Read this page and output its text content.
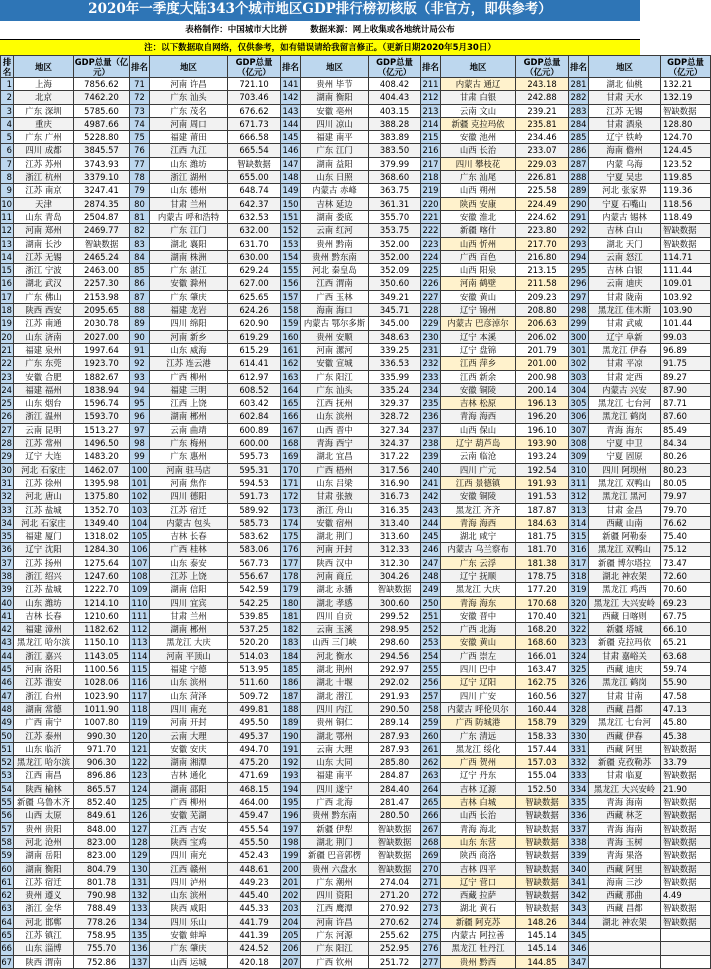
2020年一季度大陆343个城市地区GDP排行榜初核版（非官方，即供参考）
表格制作：中国城市大比拼	数据来源：网上收集或各地统计局公布
注：以下数据取自网络，仅供参考，如有错误请给我留言修正。（更新日期2020年5月30日）
排名	地区	GDP总量（亿元）	排名	地区	GDP总量（亿元）	排名	地区	GDP总量（亿元）	排名	地区	GDP总量（亿元）	排名	地区	GDP总量（亿元）
1	上海	7856.62	71	河南 许昌	721.10	141	贵州 毕节	408.42	211	内蒙古 通辽	243.18	281	湖北 仙桃	132.21
2	北京	7462.20	72	广东 汕头	703.46	142	湖南 衡阳	404.43	212	甘肃 白银	242.88	282	甘肃 天水	132.19
3	广东 深圳	5785.60	73	广东 茂名	676.62	143	安徽 亳州	403.15	213	云南 文山	239.21	283	江苏 无锡	智缺数据
4	重庆	4987.66	74	河南 周口	671.73	144	四川 凉山	388.28	214	新疆 克拉玛依	235.81	284	甘肃 酒泉	128.80
5	广东 广州	5228.80	75	福建 莆田	666.58	145	福建 南平	383.89	215	安徽 池州	234.46	285	辽宁 铁岭	124.70
6	四川 成都	3845.57	76	江西 九江	665.54	146	广东 江门	383.50	216	山西 长治	233.07	286	海南 儋州	124.45
7	江苏 苏州	3743.93	77	山东 潍坊	智缺数据	147	湖南 益阳	379.99	217	四川 攀枝花	229.03	287	内蒙 乌海	123.52
8	浙江 杭州	3379.10	78	浙江 湖州	655.00	148	山东 日照	368.60	218	广东 汕尾	226.81	288	宁夏 吴忠	119.85
9	江苏 南京	3247.41	79	山东 德州	648.74	149	内蒙古 赤峰	363.75	219	山西 朔州	225.58	289	河北 张家界	119.36
10	天津	2874.35	80	甘肃 兰州	642.37	150	吉林 延边	361.31	220	陕西 安康	224.49	290	宁夏 石嘴山	118.56
11	山东 青岛	2504.87	81	内蒙古 呼和浩特	632.53	151	湖南 娄底	355.70	221	安徽 淮北	224.62	291	内蒙古 锡林	118.49
12	河南 郑州	2469.77	82	广东 江门	632.00	152	云南 红河	353.75	222	新疆 喀什	223.80	292	吉林 白山	智缺数据
13	湖南 长沙	智缺数据	83	湖北 襄阳	631.70	153	贵州 黔南	352.00	223	山西 忻州	217.70	293	湖北 天门	智缺数据
14	江苏 无锡	2465.24	84	湖南 株洲	630.00	154	贵州 黔东南	352.00	224	广西 百色	216.80	294	云南 怒江	114.71
15	浙江 宁波	2463.00	85	广东 湛江	629.24	155	河北 秦皇岛	352.09	225	山西 阳泉	213.15	295	吉林 白银	111.44
16	湖北 武汉	2257.30	86	安徽 滁州	627.00	156	江西 渭南	350.60	226	河南 鹤壁	211.58	296	云南 迪庆	109.01
17	广东 佛山	2153.98	87	广东 肇庆	625.65	157	广西 玉林	349.21	227	安徽 黄山	209.23	297	甘肃 陇南	103.92
18	陕西 西安	2095.65	88	福建 龙岩	624.26	158	海南 海口	345.71	228	辽宁 锦州	208.80	298	黑龙江 佳木斯	103.90
19	江苏 南通	2030.78	89	四川 绵阳	620.90	159	内蒙古 鄂尔多斯	345.00	229	内蒙古 巴彦淖尔	206.63	299	甘肃 武威	101.44
20	山东 济南	2027.00	90	河南 新乡	619.29	160	贵州 安顺	348.63	230	辽宁 本溪	206.02	300	辽宁 阜新	99.03
21	福建 泉州	1997.64	91	山东 威海	615.29	161	河南 漯河	339.25	231	辽宁 盘锦	201.79	301	黑龙江 伊春	96.89
22	广东 东莞	1923.70	92	江苏 连云港	614.41	162	安徽 宣城	336.53	232	江西 萍乡	201.00	302	甘肃 平凉	91.75
23	安徽 合肥	1882.67	93	广西 柳州	612.97	163	广东 阳江	335.99	233	江西 新余	200.98	303	甘肃 定西	89.27
24	福建 福州	1838.94	94	福建 三明	608.52	164	广东 汕头	335.24	234	安徽 铜陵	200.14	304	内蒙古 兴安	87.90
25	山东 烟台	1596.74	95	江西 上饶	603.42	165	江西 抚州	329.37	235	吉林 松原	196.13	305	黑龙江 七台河	87.71
26	浙江 温州	1593.70	96	湖南 郴州	602.84	166	山东 滨州	328.72	236	青海 海西	196.20	306	黑龙江 鹤岗	87.60
27	云南 昆明	1513.27	97	云南 曲靖	600.89	167	山西 晋中	327.34	237	山西 保山	196.10	307	青海 海东	85.49
28	江苏 常州	1496.50	98	广东 梅州	600.00	168	青海 西宁	324.37	238	辽宁 葫芦岛	193.90	308	宁夏 中卫	84.34
29	辽宁 大连	1483.20	99	广东 惠州	595.73	169	湖北 宜昌	317.22	239	云南 临沧	193.24	309	宁夏 固原	80.26
30	河北 石家庄	1462.07	100	河南 驻马店	595.31	170	广西 梧州	317.56	240	四川 广元	192.54	310	四川 阿坝州	80.23
31	江苏 徐州	1395.98	101	河南 焦作	594.53	171	山东 吕梁	316.90	241	江西 景德镇	191.93	311	黑龙江 双鸭山	80.05
32	河北 唐山	1375.80	102	四川 德阳	591.73	172	甘肃 张掖	316.73	242	安徽 铜陵	191.53	312	黑龙江 黑河	79.97
33	江苏 盐城	1352.70	103	江苏 宿迁	589.92	173	浙江 舟山	316.35	243	黑龙江 齐齐	187.87	313	甘肃 金昌	79.70
34	河北 石家庄	1349.40	104	内蒙古 包头	585.73	174	安徽 宿州	313.40	244	青海 海西	184.63	314	西藏 山南	76.62
35	福建 厦门	1318.02	105	吉林 长春	583.62	175	湖北 荆门	313.60	245	湖北 咸宁	181.75	315	新疆 阿勒泰	75.40
36	辽宁 沈阳	1284.30	106	广西 桂林	583.06	176	河南 开封	312.33	246	内蒙古 乌兰察布	181.70	316	黑龙江 双鸭山	75.12
37	江苏 扬州	1275.64	107	山东 泰安	567.73	177	陕西 汉中	312.30	247	广东 云浮	181.38	317	新疆 博尔塔拉	73.47
38	浙江 绍兴	1247.60	108	江苏 上饶	556.67	178	河南 商丘	304.26	248	辽宁 抚顺	178.75	318	湖北 神农架	72.60
39	江苏 盐城	1222.70	109	湖南 信阳	542.59	179	湖北 永播	智缺数据	249	黑龙江 大庆	177.20	319	黑龙江 鸡西	70.60
40	山东 潍坊	1214.10	110	四川 宜宾	542.25	180	湖北 孝感	300.60	250	青海 海东	170.68	320	黑龙江 大兴安岭	69.23
41	吉林 长春	1210.60	111	甘肃 兰州	539.85	181	四川 自贡	299.52	251	安徽 晋中	170.40	321	西藏 日喀则	67.75
42	福建 漳州	1182.62	112	湖南 郴州	537.25	182	云南 玉溪	298.95	252	广西 北海	168.20	322	新疆 塔城	66.10
43	黑龙江 哈尔滨	1150.10	113	黑龙江 大庆	520.20	183	山西 三门峡	298.60	253	安徽 黄山	168.60	323	新疆 克拉玛依	65.21
44	浙江 嘉兴	1143.05	114	河南 平顶山	514.03	184	河北 衡水	294.56	254	广西 崇左	166.01	324	甘肃 嘉峪关	63.68
45	河南 洛阳	1100.56	115	福建 宁德	513.95	185	湖北 荆州	292.97	255	四川 巴中	163.47	325	西藏 迪庆	59.74
46	江苏 淮安	1028.06	116	山东 滨州	511.60	186	湖北 十堰	292.02	256	辽宁 辽阳	162.75	326	黑龙江 鹤岗	55.90
47	浙江 台州	1023.90	117	山东 菏泽	509.72	187	湖北 潜江	291.93	257	四川 广安	160.56	327	甘肃 甘南	47.58
48	湖南 常德	1011.90	118	四川 南充	499.81	188	四川 内江	290.50	258	内蒙古 呼伦贝尔	160.44	328	西藏 昌都	47.13
49	广西 南宁	1007.80	119	河南 开封	495.50	189	贵州 铜仁	289.14	259	广西 防城港	158.79	329	黑龙江 七台河	45.80
50	江苏 泰州	990.30	120	云南 大理	495.37	190	湖北 鄂州	287.93	260	广东 清远	158.33	330	西藏 伊春	45.38
51	山东 临沂	971.70	121	安徽 安庆	494.70	191	云南 大理	287.93	261	黑龙江 绥化	157.44	331	西藏 阿里	智缺数据
52	黑龙江 哈尔滨	906.30	122	湖南 湘潭	475.20	192	山东 大同	285.80	262	广西 贺州	157.03	332	新疆 克孜勒苏	33.79
53	江西 南昌	896.86	123	吉林 通化	471.69	193	福建 南平	284.87	263	辽宁 丹东	155.04	333	甘肃 临夏	智缺数据
54	陕西 榆林	865.57	124	湖南 邵阳	468.15	194	四川 遂宁	284.40	264	吉林 辽源	152.50	334	黑龙江 大兴安岭	21.90
55	新疆 乌鲁木齐	852.40	125	广西 柳州	464.00	195	广西 北海	281.47	265	吉林 白城	智缺数据	335	青海 海南	智缺数据
56	山西 太原	849.61	126	安徽 芜湖	459.47	196	贵州 黔东南	280.50	266	山西 长治	智缺数据	336	西藏 林芝	智缺数据
57	贵州 贵阳	848.00	127	江西 吉安	455.54	197	新疆 伊犁	智缺数据	267	青海 海北	智缺数据	337	青海 海南	智缺数据
58	河北 沧州	823.00	128	陕西 宝鸡	455.50	198	湖北 荆门	智缺数据	268	山东 东营	智缺数据	338	青海 玉树	智缺数据
59	湖南 岳阳	823.00	129	四川 南充	452.43	199	新疆 巴音郭楞	智缺数据	269	陕西 商洛	智缺数据	339	青海 果洛	智缺数据
60	湖南 衡阳	804.79	130	江西 赣州	448.61	200	贵州 六盘水	智缺数据	270	吉林 四平	智缺数据	340	西藏 阿里	智缺数据
61	江苏 宿迁	801.78	131	四川 泸州	449.23	201	广东 潮州	274.04	271	辽宁 营口	智缺数据	341	海南 三沙	智缺数据
62	贵州 遵义	790.98	132	山东 滨州	445.40	202	四川 资阳	271.20	272	西藏 拉萨	智缺数据	342	西藏 那曲	4.49
63	浙江 金华	788.49	133	陕西 咸阳	445.33	203	江西 鹰潭	270.92	273	湖北 黄石	智缺数据	343	西藏 昌都	智缺数据
64	河北 邯郸	778.26	134	四川 乐山	441.79	204	河南 许昌	270.62	274	新疆 阿克苏	148.26	344	湖北 神农架	智缺数据
65	江苏 镇江	758.95	135	安徽 蚌埠	441.39	205	广东 河源	255.62	275	内蒙古 阿拉善	145.14	345		
66	山东 淄博	755.70	136	广东 肇庆	424.52	206	广东 阳江	252.95	276	黑龙江 牡丹江	145.14	346		
67	陕西 渭南	752.86	137	山西 运城	420.18	207	广西 钦州	251.72	277	贵州 黔西	144.85	347		
